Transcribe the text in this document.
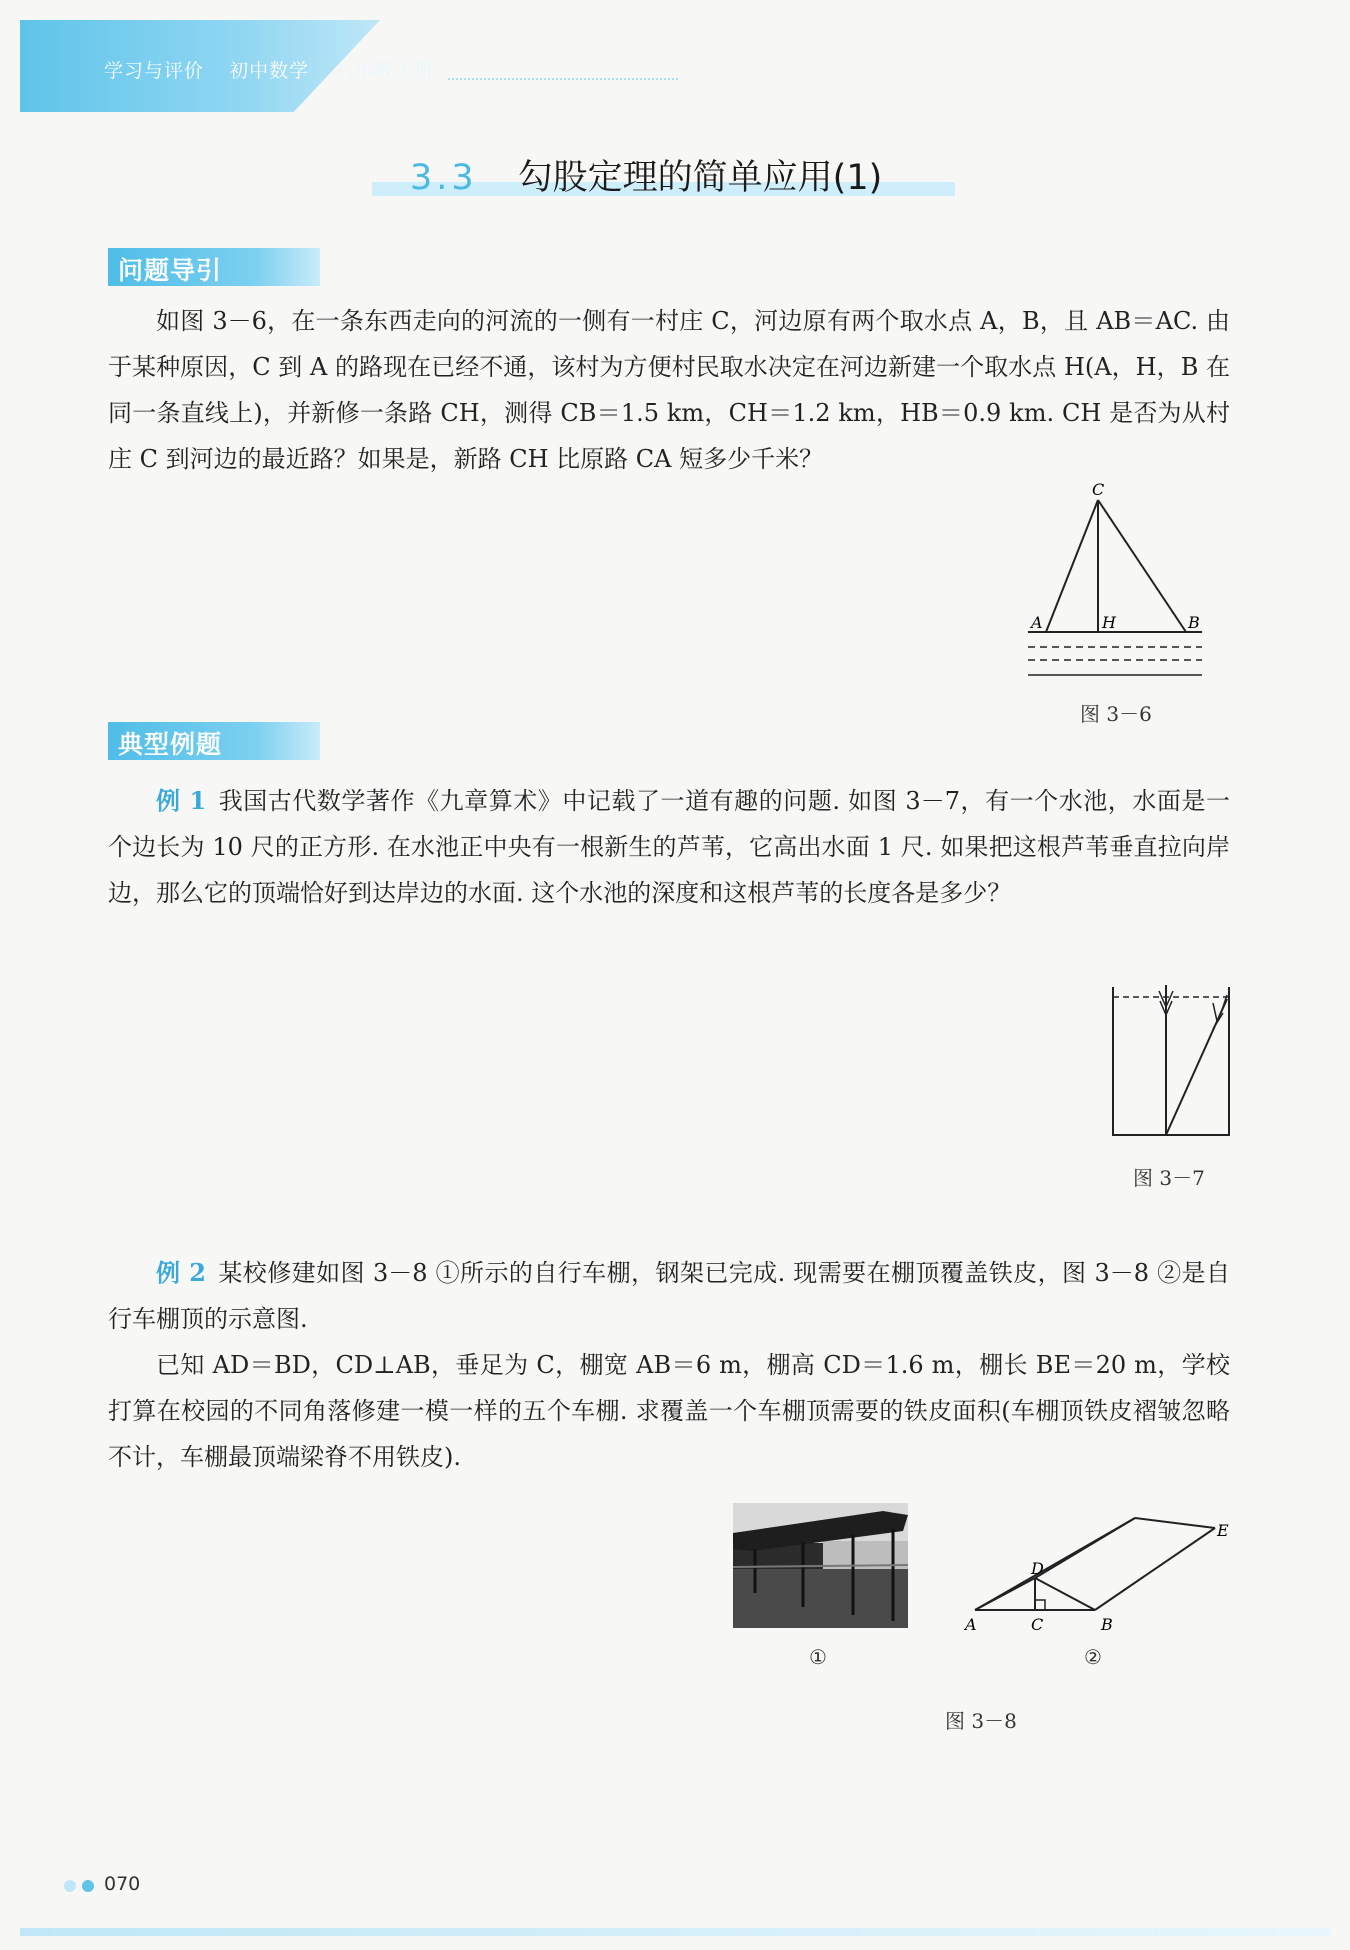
学习与评价 初中数学 八年级上册
3.3 勾股定理的简单应用(1)
问题导引

如图 3－6，在一条东西走向的河流的一侧有一村庄 C，河边原有两个取水点 A，B，且 AB＝AC. 由于某种原因，C 到 A 的路现在已经不通，该村为方便村民取水决定在河边新建一个取水点 H(A，H，B 在同一条直线上)，并新修一条路 CH，测得 CB＝1.5 km，CH＝1.2 km，HB＝0.9 km. CH 是否为从村庄 C 到河边的最近路？如果是，新路 CH 比原路 CA 短多少千米？

C
A	H	B
图 3－6
典型例题

例 1 我国古代数学著作《九章算术》中记载了一道有趣的问题. 如图 3－7，有一个水池，水面是一个边长为 10 尺的正方形. 在水池正中央有一根新生的芦苇，它高出水面 1 尺. 如果把这根芦苇垂直拉向岸边，那么它的顶端恰好到达岸边的水面. 这个水池的深度和这根芦苇的长度各是多少？

图 3－7

例 2 某校修建如图 3－8 ①所示的自行车棚，钢架已完成. 现需要在棚顶覆盖铁皮，图 3－8 ②是自行车棚顶的示意图.

已知 AD＝BD，CD⊥AB，垂足为 C，棚宽 AB＝6 m，棚高 CD＝1.6 m，棚长 BE＝20 m，学校打算在校园的不同角落修建一模一样的五个车棚. 求覆盖一个车棚顶需要的铁皮面积(车棚顶铁皮褶皱忽略不计，车棚最顶端梁脊不用铁皮).

①
A	C	B
D
E
②
图 3－8
070
